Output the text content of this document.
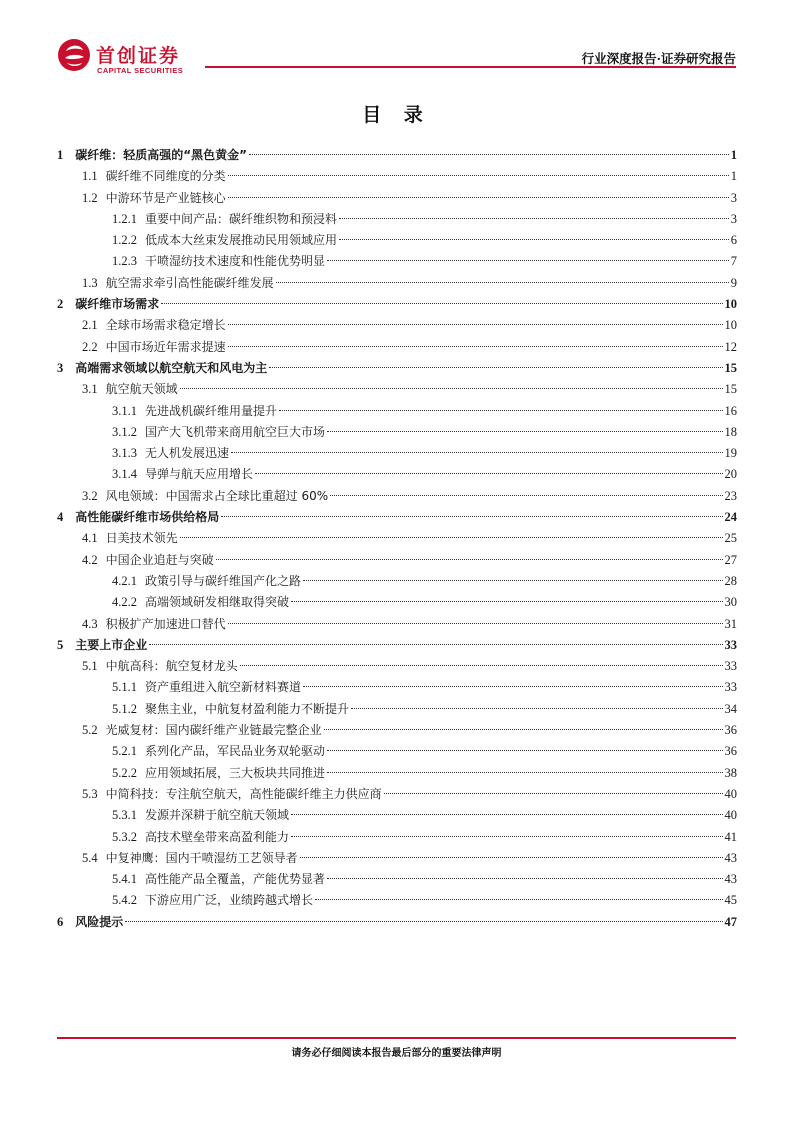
首创证券
CAPITAL SECURITIES
行业深度报告·证券研究报告
目 录
1 碳纤维：轻质高强的“黑色黄金”	1
1.1 碳纤维不同维度的分类	1
1.2 中游环节是产业链核心	3
1.2.1 重要中间产品：碳纤维织物和预浸料	3
1.2.2 低成本大丝束发展推动民用领域应用	6
1.2.3 干喷湿纺技术速度和性能优势明显	7
1.3 航空需求牵引高性能碳纤维发展	9
2 碳纤维市场需求	10
2.1 全球市场需求稳定增长	10
2.2 中国市场近年需求提速	12
3 高端需求领域以航空航天和风电为主	15
3.1 航空航天领域	15
3.1.1 先进战机碳纤维用量提升	16
3.1.2 国产大飞机带来商用航空巨大市场	18
3.1.3 无人机发展迅速	19
3.1.4 导弹与航天应用增长	20
3.2 风电领域：中国需求占全球比重超过 60%	23
4 高性能碳纤维市场供给格局	24
4.1 日美技术领先	25
4.2 中国企业追赶与突破	27
4.2.1 政策引导与碳纤维国产化之路	28
4.2.2 高端领域研发相继取得突破	30
4.3 积极扩产加速进口替代	31
5 主要上市企业	33
5.1 中航高科：航空复材龙头	33
5.1.1 资产重组进入航空新材料赛道	33
5.1.2 聚焦主业，中航复材盈利能力不断提升	34
5.2 光威复材：国内碳纤维产业链最完整企业	36
5.2.1 系列化产品，军民品业务双轮驱动	36
5.2.2 应用领域拓展，三大板块共同推进	38
5.3 中简科技：专注航空航天，高性能碳纤维主力供应商	40
5.3.1 发源并深耕于航空航天领域	40
5.3.2 高技术壁垒带来高盈利能力	41
5.4 中复神鹰：国内干喷湿纺工艺领导者	43
5.4.1 高性能产品全覆盖，产能优势显著	43
5.4.2 下游应用广泛，业绩跨越式增长	45
6 风险提示	47
请务必仔细阅读本报告最后部分的重要法律声明
